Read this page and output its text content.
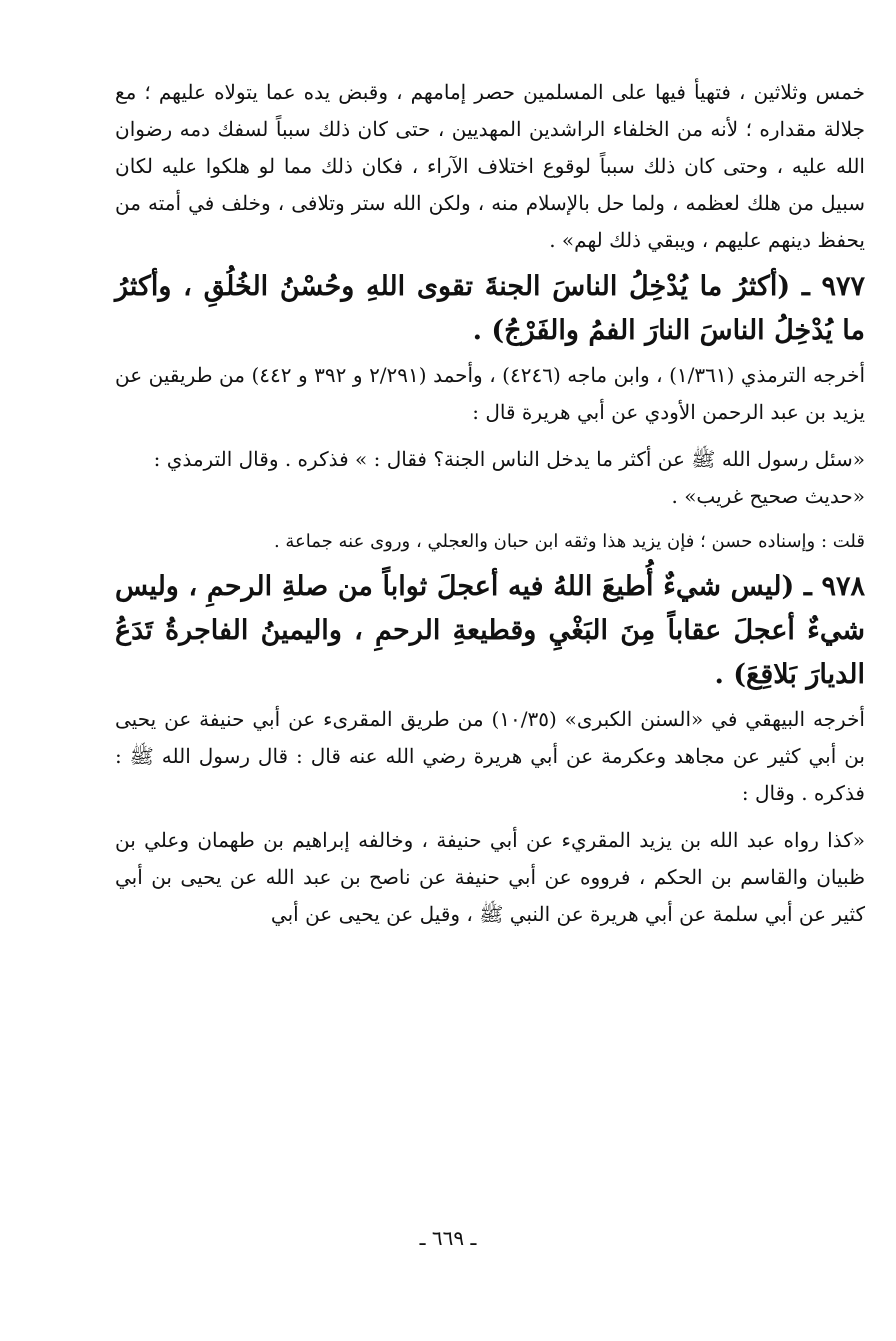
خمس وثلاثين ، فتهيأ فيها على المسلمين حصر إمامهم ، وقبض يده عما يتولاه عليهم ؛ مع جلالة مقداره ؛ لأنه من الخلفاء الراشدين المهديين ، حتى كان ذلك سبباً لسفك دمه رضوان الله عليه ، وحتى كان ذلك سبباً لوقوع اختلاف الآراء ، فكان ذلك مما لو هلكوا عليه لكان سبيل من هلك لعظمه ، ولما حل بالإسلام منه ، ولكن الله ستر وتلافى ، وخلف في أمته من يحفظ دينهم عليهم ، ويبقي ذلك لهم» .

٩٧٧ ـ (أكثرُ ما يُدْخِلُ الناسَ الجنةَ تقوى اللهِ وحُسْنُ الخُلُقِ ، وأكثرُ ما يُدْخِلُ الناسَ النارَ الفمُ والفَرْجُ) .

أخرجه الترمذي (١/٣٦١) ، وابن ماجه (٤٢٤٦) ، وأحمد (٢/٢٩١ و ٣٩٢ و ٤٤٢) من طريقين عن يزيد بن عبد الرحمن الأودي عن أبي هريرة قال :

«سئل رسول الله ﷺ عن أكثر ما يدخل الناس الجنة؟ فقال : » فذكره . وقال الترمذي :

«حديث صحيح غريب» .

قلت : وإسناده حسن ؛ فإن يزيد هذا وثقه ابن حبان والعجلي ، وروى عنه جماعة .

٩٧٨ ـ (ليس شيءٌ أُطيعَ اللهُ فيه أعجلَ ثواباً من صلةِ الرحمِ ، وليس شيءٌ أعجلَ عقاباً مِنَ البَغْيِ وقطيعةِ الرحمِ ، واليمينُ الفاجرةُ تَدَعُ الديارَ بَلاقِعَ) .

أخرجه البيهقي في «السنن الكبرى» (١٠/٣٥) من طريق المقرىء عن أبي حنيفة عن يحيى بن أبي كثير عن مجاهد وعكرمة عن أبي هريرة رضي الله عنه قال : قال رسول الله ﷺ : فذكره . وقال :

«كذا رواه عبد الله بن يزيد المقريء عن أبي حنيفة ، وخالفه إبراهيم بن طهمان وعلي بن ظبيان والقاسم بن الحكم ، فرووه عن أبي حنيفة عن ناصح بن عبد الله عن يحيى بن أبي كثير عن أبي سلمة عن أبي هريرة عن النبي ﷺ ، وقيل عن يحيى عن أبي

ـ ٦٦٩ ـ
